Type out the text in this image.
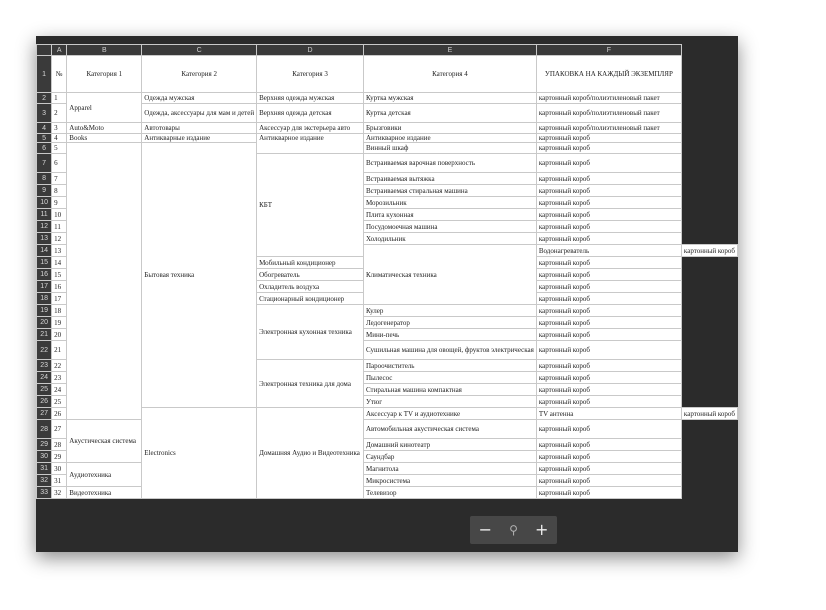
	A	B	C	D	E	F	
1	№	Категория 1	Категория 2	Категория 3	Категория 4	УПАКОВКА НА КАЖДЫЙ ЭКЗЕМПЛЯР	
2	1	Apparel	Одежда мужская	Верхняя одежда мужская	Куртка мужская	картонный короб/полиэтиленовый пакет	
3	2		Одежда, аксессуары для мам и детей	Верхняя одежда детская	Куртка детская	картонный короб/полиэтиленовый пакет	
4	3	Auto&Moto	Автотовары	Аксессуар для экстерьера авто	Брызговики	картонный короб/полиэтиленовый пакет	
5	4	Books	Антикварные издание	Антикварное издание	Антикварное издание	картонный короб	
6	5		Бытовая техника		Винный шкаф	картонный короб	
7	6			КБТ	Встраиваемая варочная поверхность	картонный короб	
8	7				Встраиваемая вытяжка	картонный короб	
9	8				Встраиваемая стиральная машина	картонный короб	
10	9				Морозильник	картонный короб	
11	10				Плита кухонная	картонный короб	
12	11				Посудомоечная машина	картонный короб	
13	12				Холодильник	картонный короб	
14	13				Климатическая техника	Водонагреватель	картонный короб
15	14			Мобильный кондиционер		картонный короб	
16	15			Обогреватель		картонный короб	
17	16			Охладитель воздуха		картонный короб	
18	17			Стационарный кондиционер		картонный короб	
19	18			Электронная кухонная техника	Кулер	картонный короб	
20	19				Ледогенератор	картонный короб	
21	20				Мини-печь	картонный короб	
22	21				Сушильная машина для овощей, фруктов электрическая	картонный короб	
23	22			Электронная техника для дома	Пароочиститель	картонный короб	
24	23				Пылесос	картонный короб	
25	24				Стиральная машина компактная	картонный короб	
26	25				Утюг	картонный короб	
27	26		Electronics	Домашняя Аудио и Видеотехника	Аксессуар к TV и аудиотехнике	TV антенна	картонный короб
28	27	Акустическая система			Автомобильная акустическая система	картонный короб	
29	28				Домашний кинотеатр	картонный короб	
30	29				Саундбар	картонный короб	
31	30	Аудиотехника			Магнитола	картонный короб	
32	31				Микросистема	картонный короб	
33	32	Видеотехника			Телевизор	картонный короб	
− ⚲ +
